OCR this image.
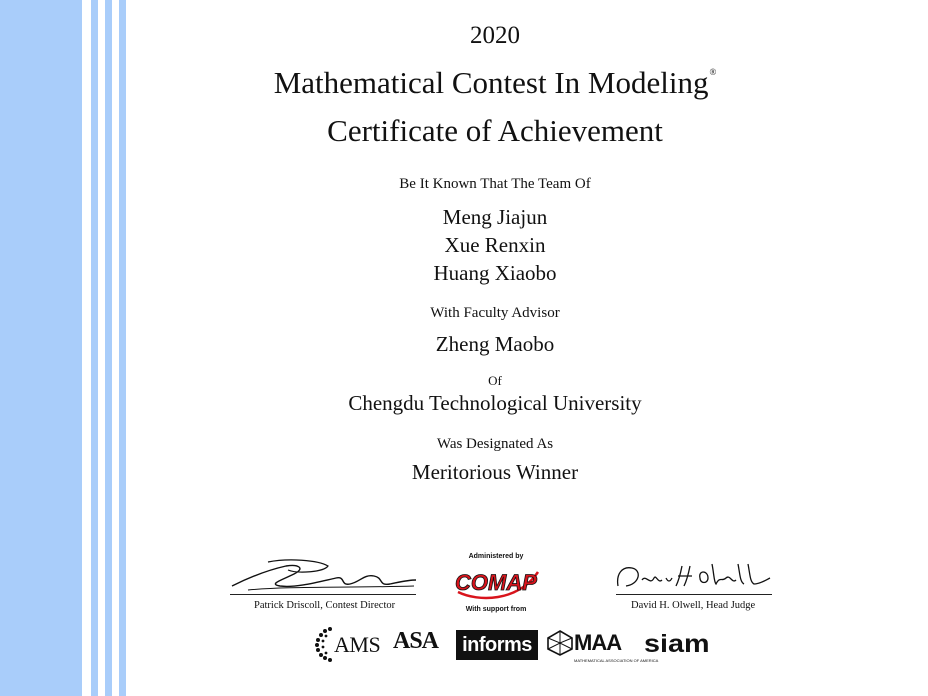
2020
Mathematical Contest In Modeling®
Certificate of Achievement
Be It Known That The Team Of
Meng Jiajun
Xue Renxin
Huang Xiaobo
With Faculty Advisor
Zheng Maobo
Of
Chengdu Technological University
Was Designated As
Meritorious Winner
Patrick Driscoll, Contest Director	David H. Olwell, Head Judge
Administered by
COMAP
With support from
AMS ASA	informs MAA
MATHEMATICAL ASSOCIATION OF AMERICA
siam
